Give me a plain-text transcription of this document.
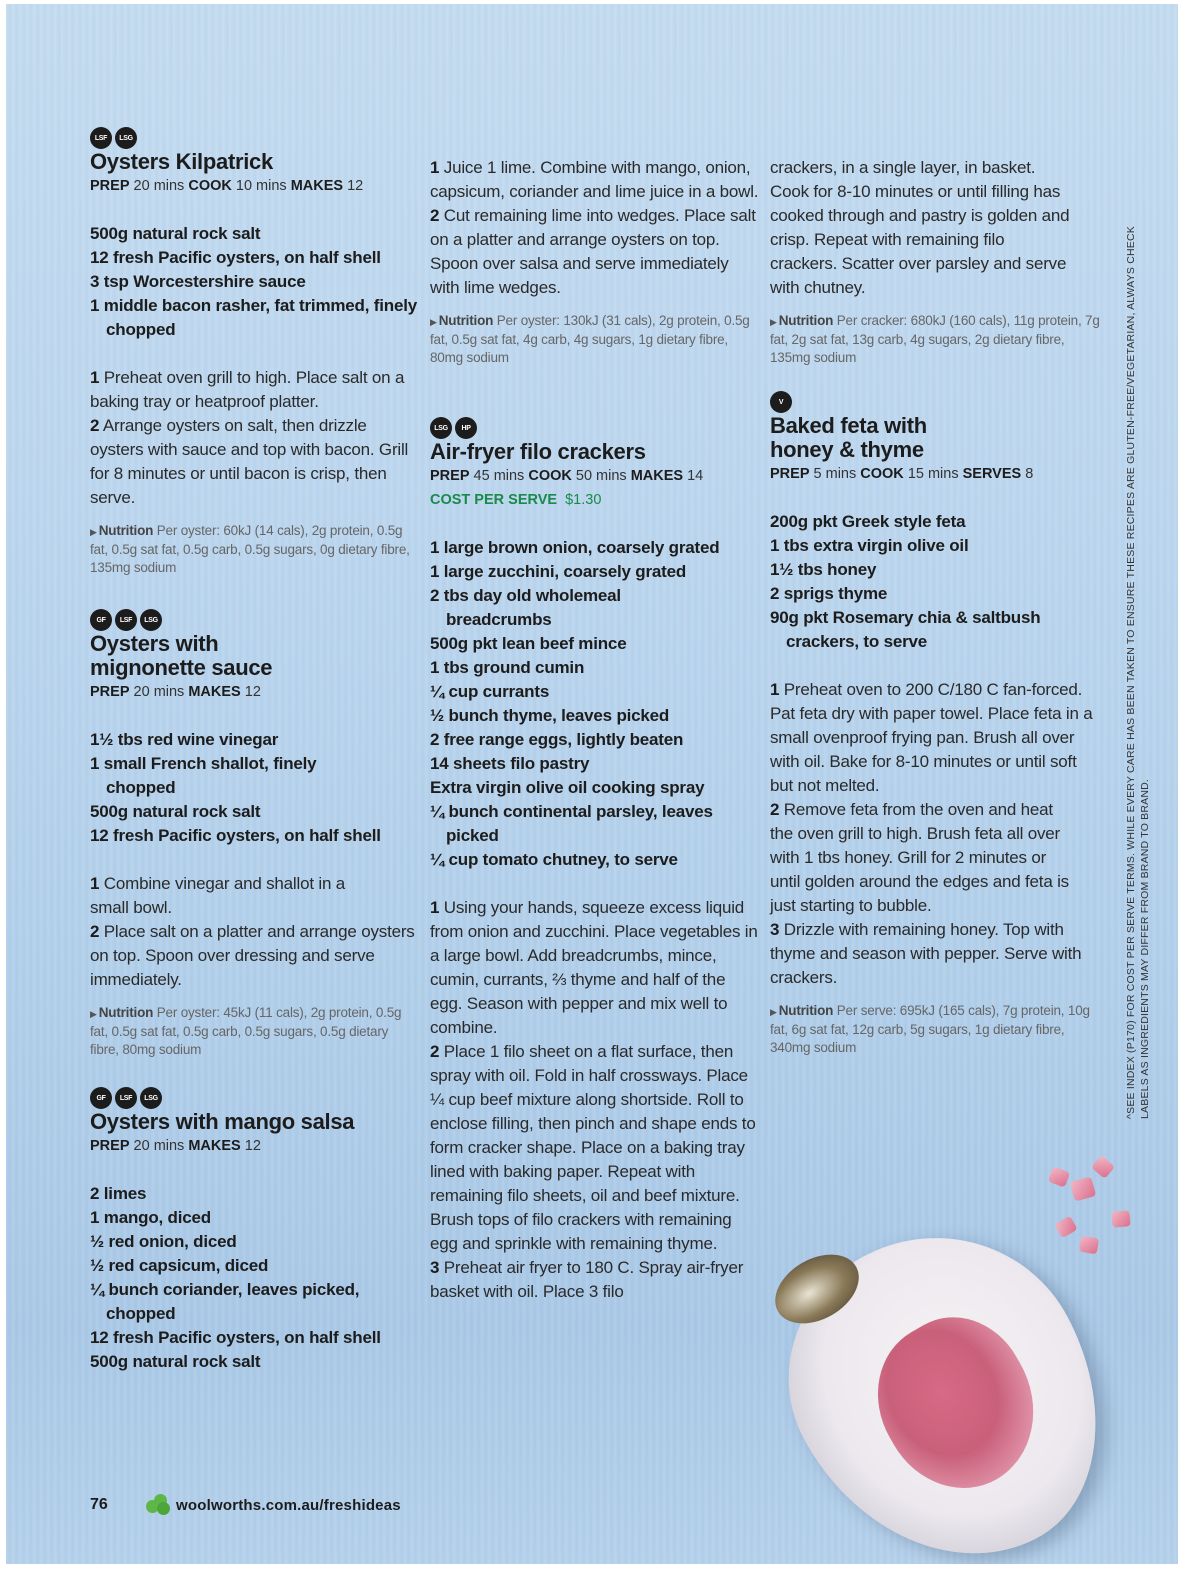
LSF	LSG
Oysters Kilpatrick
PREP 20 mins COOK 10 mins MAKES 12
500g natural rock salt
12 fresh Pacific oysters, on half shell
3 tsp Worcestershire sauce
1 middle bacon rasher, fat trimmed, finely chopped

1 Preheat oven grill to high. Place salt on a baking tray or heatproof platter.

2 Arrange oysters on salt, then drizzle oysters with sauce and top with bacon. Grill for 8 minutes or until bacon is crisp, then serve.

▶ Nutrition Per oyster: 60kJ (14 cals), 2g protein, 0.5g fat, 0.5g sat fat, 0.5g carb, 0.5g sugars, 0g dietary fibre, 135mg sodium
GF	LSF	LSG
Oysters with mignonette sauce
PREP 20 mins MAKES 12
1½ tbs red wine vinegar
1 small French shallot, finely chopped
500g natural rock salt
12 fresh Pacific oysters, on half shell

1 Combine vinegar and shallot in a small bowl.

2 Place salt on a platter and arrange oysters on top. Spoon over dressing and serve immediately.

▶ Nutrition Per oyster: 45kJ (11 cals), 2g protein, 0.5g fat, 0.5g sat fat, 0.5g carb, 0.5g sugars, 0.5g dietary fibre, 80mg sodium
GF	LSF	LSG
Oysters with mango salsa
PREP 20 mins MAKES 12
2 limes
1 mango, diced
½ red onion, diced
½ red capsicum, diced
¼ bunch coriander, leaves picked, chopped
12 fresh Pacific oysters, on half shell
500g natural rock salt

1 Juice 1 lime. Combine with mango, onion, capsicum, coriander and lime juice in a bowl.

2 Cut remaining lime into wedges. Place salt on a platter and arrange oysters on top. Spoon over salsa and serve immediately with lime wedges.

▶ Nutrition Per oyster: 130kJ (31 cals), 2g protein, 0.5g fat, 0.5g sat fat, 4g carb, 4g sugars, 1g dietary fibre, 80mg sodium
LSG	HP
Air-fryer filo crackers
PREP 45 mins COOK 50 mins MAKES 14
COST PER SERVE $1.30
1 large brown onion, coarsely grated
1 large zucchini, coarsely grated
2 tbs day old wholemeal breadcrumbs
500g pkt lean beef mince
1 tbs ground cumin
¼ cup currants
½ bunch thyme, leaves picked
2 free range eggs, lightly beaten
14 sheets filo pastry
Extra virgin olive oil cooking spray
¼ bunch continental parsley, leaves picked
¼ cup tomato chutney, to serve

1 Using your hands, squeeze excess liquid from onion and zucchini. Place vegetables in a large bowl. Add breadcrumbs, mince, cumin, currants, ⅔ thyme and half of the egg. Season with pepper and mix well to combine.

2 Place 1 filo sheet on a flat surface, then spray with oil. Fold in half crossways. Place ¼ cup beef mixture along shortside. Roll to enclose filling, then pinch and shape ends to form cracker shape. Place on a baking tray lined with baking paper. Repeat with remaining filo sheets, oil and beef mixture. Brush tops of filo crackers with remaining egg and sprinkle with remaining thyme.

3 Preheat air fryer to 180 C. Spray air-fryer basket with oil. Place 3 filo

crackers, in a single layer, in basket. Cook for 8-10 minutes or until filling has cooked through and pastry is golden and crisp. Repeat with remaining filo crackers. Scatter over parsley and serve with chutney.

▶ Nutrition Per cracker: 680kJ (160 cals), 11g protein, 7g fat, 2g sat fat, 13g carb, 4g sugars, 2g dietary fibre, 135mg sodium
V
Baked feta with honey & thyme
PREP 5 mins COOK 15 mins SERVES 8
200g pkt Greek style feta
1 tbs extra virgin olive oil
1½ tbs honey
2 sprigs thyme
90g pkt Rosemary chia & saltbush crackers, to serve

1 Preheat oven to 200 C/180 C fan-forced. Pat feta dry with paper towel. Place feta in a small ovenproof frying pan. Brush all over with oil. Bake for 8-10 minutes or until soft but not melted.

2 Remove feta from the oven and heat the oven grill to high. Brush feta all over with 1 tbs honey. Grill for 2 minutes or until golden around the edges and feta is just starting to bubble.

3 Drizzle with remaining honey. Top with thyme and season with pepper. Serve with crackers.

▶ Nutrition Per serve: 695kJ (165 cals), 7g protein, 10g fat, 6g sat fat, 12g carb, 5g sugars, 1g dietary fibre, 340mg sodium	^SEE INDEX (P170) FOR COST PER SERVE TERMS. WHILE EVERY CARE HAS BEEN TAKEN TO ENSURE THESE RECIPES ARE GLUTEN-FREE/VEGETARIAN, ALWAYS CHECK LABELS AS INGREDIENTS MAY DIFFER FROM BRAND TO BRAND.
76	woolworths.com.au/freshideas
